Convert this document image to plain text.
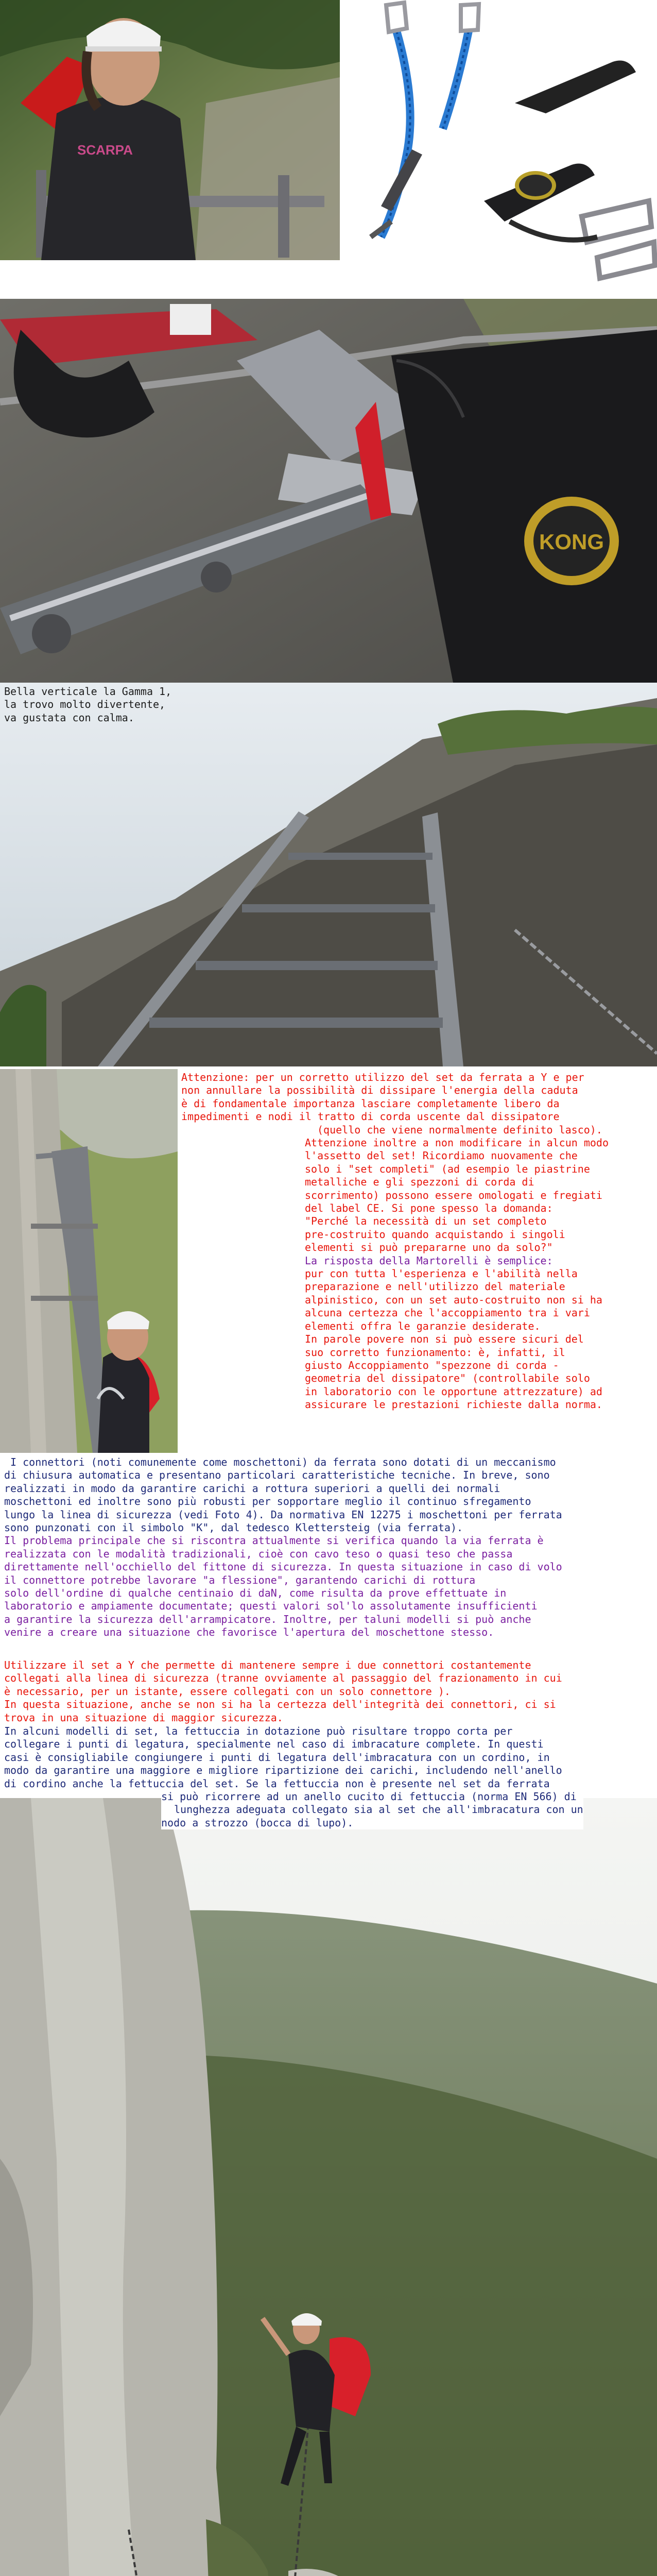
SCARPA
KONG

Bella verticale la Gamma 1,

la trovo molto divertente,

va gustata con calma.

Attenzione: per un corretto utilizzo del set da ferrata a Y e per

non annullare la possibilità di dissipare l'energia della caduta

è di fondamentale importanza lasciare completamente libero da

impedimenti e nodi il tratto di corda uscente dal dissipatore

(quello che viene normalmente definito lasco).

Attenzione inoltre a non modificare in alcun modo

l'assetto del set! Ricordiamo nuovamente che

solo i "set completi" (ad esempio le piastrine

metalliche e gli spezzoni di corda di

scorrimento) possono essere omologati e fregiati

del label CE. Si pone spesso la domanda:

"Perché la necessità di un set completo

pre-costruito quando acquistando i singoli

elementi si può prepararne uno da solo?"

La risposta della Martorelli è semplice:

pur con tutta l'esperienza e l'abilità nella

preparazione e nell'utilizzo del materiale

alpinistico, con un set auto-costruito non si ha

alcuna certezza che l'accoppiamento tra i vari

elementi offra le garanzie desiderate.

In parole povere non si può essere sicuri del

suo corretto funzionamento: è, infatti, il

giusto Accoppiamento "spezzone di corda -

geometria del dissipatore" (controllabile solo

in laboratorio con le opportune attrezzature) ad

assicurare le prestazioni richieste dalla norma.

I connettori (noti comunemente come moschettoni) da ferrata sono dotati di un meccanismo

di chiusura automatica e presentano particolari caratteristiche tecniche. In breve, sono

realizzati in modo da garantire carichi a rottura superiori a quelli dei normali

moschettoni ed inoltre sono più robusti per sopportare meglio il continuo sfregamento

lungo la linea di sicurezza (vedi Foto 4). Da normativa EN 12275 i moschettoni per ferrata

sono punzonati con il simbolo "K", dal tedesco Klettersteig (via ferrata).

Il problema principale che si riscontra attualmente si verifica quando la via ferrata è

realizzata con le modalità tradizionali, cioè con cavo teso o quasi teso che passa

direttamente nell'occhiello del fittone di sicurezza. In questa situazione in caso di volo

il connettore potrebbe lavorare "a flessione", garantendo carichi di rottura

solo dell'ordine di qualche centinaio di daN, come risulta da prove effettuate in

laboratorio e ampiamente documentate; questi valori sol'lo assolutamente insufficienti

a garantire la sicurezza dell'arrampicatore. Inoltre, per taluni modelli si può anche

venire a creare una situazione che favorisce l'apertura del moschettone stesso.

Utilizzare il set a Y che permette di mantenere sempre i due connettori costantemente

collegati alla linea di sicurezza (tranne ovviamente al passaggio del frazionamento in cui

è necessario, per un istante, essere collegati con un solo connettore ).

In questa situazione, anche se non si ha la certezza dell'integrità dei connettori, ci si

trova in una situazione di maggior sicurezza.

In alcuni modelli di set, la fettuccia in dotazione può risultare troppo corta per

collegare i punti di legatura, specialmente nel caso di imbracature complete. In questi

casi è consigliabile congiungere i punti di legatura dell'imbracatura con un cordino, in

modo da garantire una maggiore e migliore ripartizione dei carichi, includendo nell'anello

di cordino anche la fettuccia del set. Se la fettuccia non è presente nel set da ferrata

si può ricorrere ad un anello cucito di fettuccia (norma EN 566) di

lunghezza adeguata collegato sia al set che all'imbracatura con un

nodo a strozzo (bocca di lupo).
